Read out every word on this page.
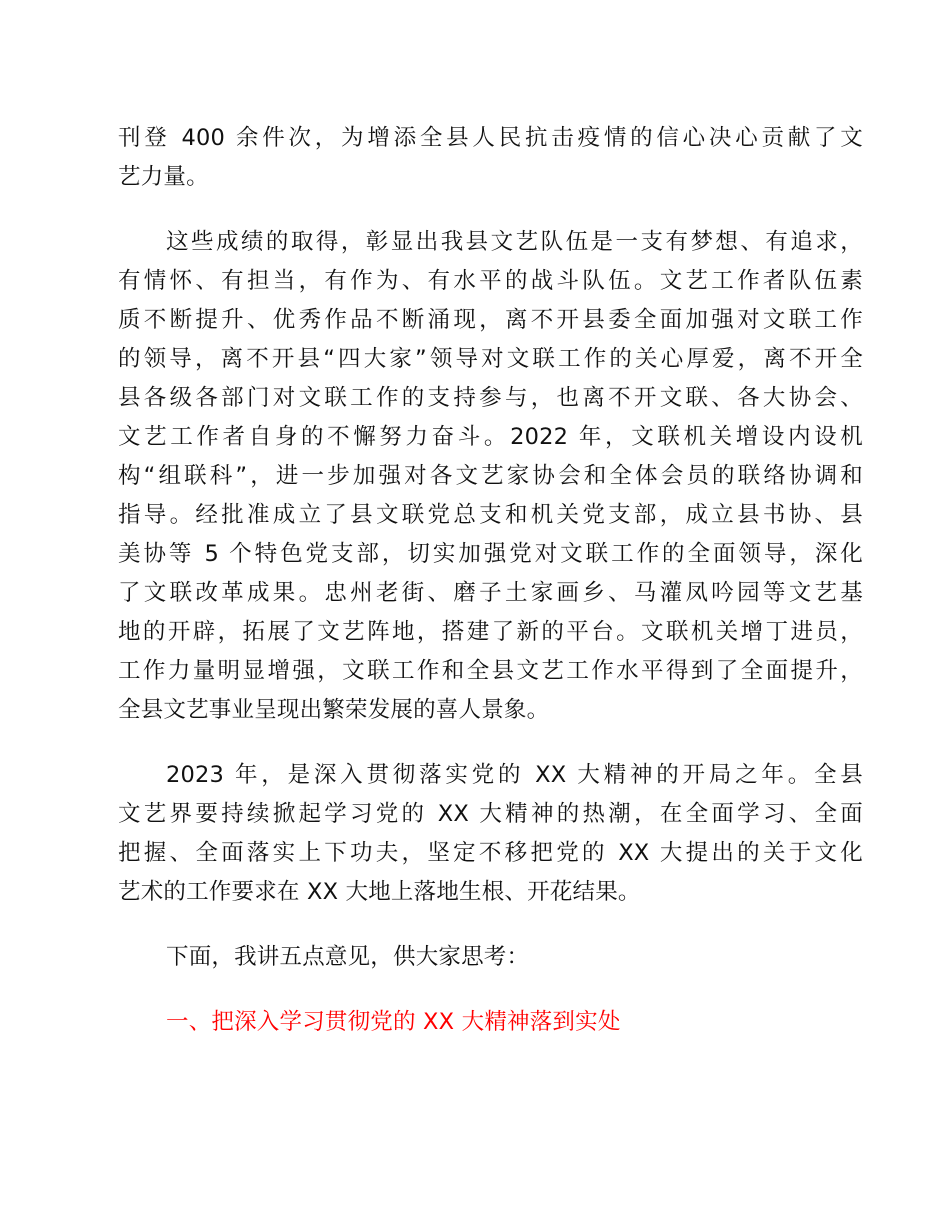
刊登 400 余件次，为增添全县人民抗击疫情的信心决心贡献了文
艺力量。
这些成绩的取得，彰显出我县文艺队伍是一支有梦想、有追求，
有情怀、有担当，有作为、有水平的战斗队伍。文艺工作者队伍素
质不断提升、优秀作品不断涌现，离不开县委全面加强对文联工作
的领导，离不开县“四大家”领导对文联工作的关心厚爱，离不开全
县各级各部门对文联工作的支持参与，也离不开文联、各大协会、
文艺工作者自身的不懈努力奋斗。2022 年，文联机关增设内设机
构“组联科”，进一步加强对各文艺家协会和全体会员的联络协调和
指导。经批准成立了县文联党总支和机关党支部，成立县书协、县
美协等 5 个特色党支部，切实加强党对文联工作的全面领导，深化
了文联改革成果。忠州老街、磨子土家画乡、马灌凤吟园等文艺基
地的开辟，拓展了文艺阵地，搭建了新的平台。文联机关增丁进员，
工作力量明显增强，文联工作和全县文艺工作水平得到了全面提升，
全县文艺事业呈现出繁荣发展的喜人景象。
2023 年，是深入贯彻落实党的 XX 大精神的开局之年。全县
文艺界要持续掀起学习党的 XX 大精神的热潮，在全面学习、全面
把握、全面落实上下功夫，坚定不移把党的 XX 大提出的关于文化
艺术的工作要求在 XX 大地上落地生根、开花结果。
下面，我讲五点意见，供大家思考：
一、把深入学习贯彻党的 XX 大精神落到实处
